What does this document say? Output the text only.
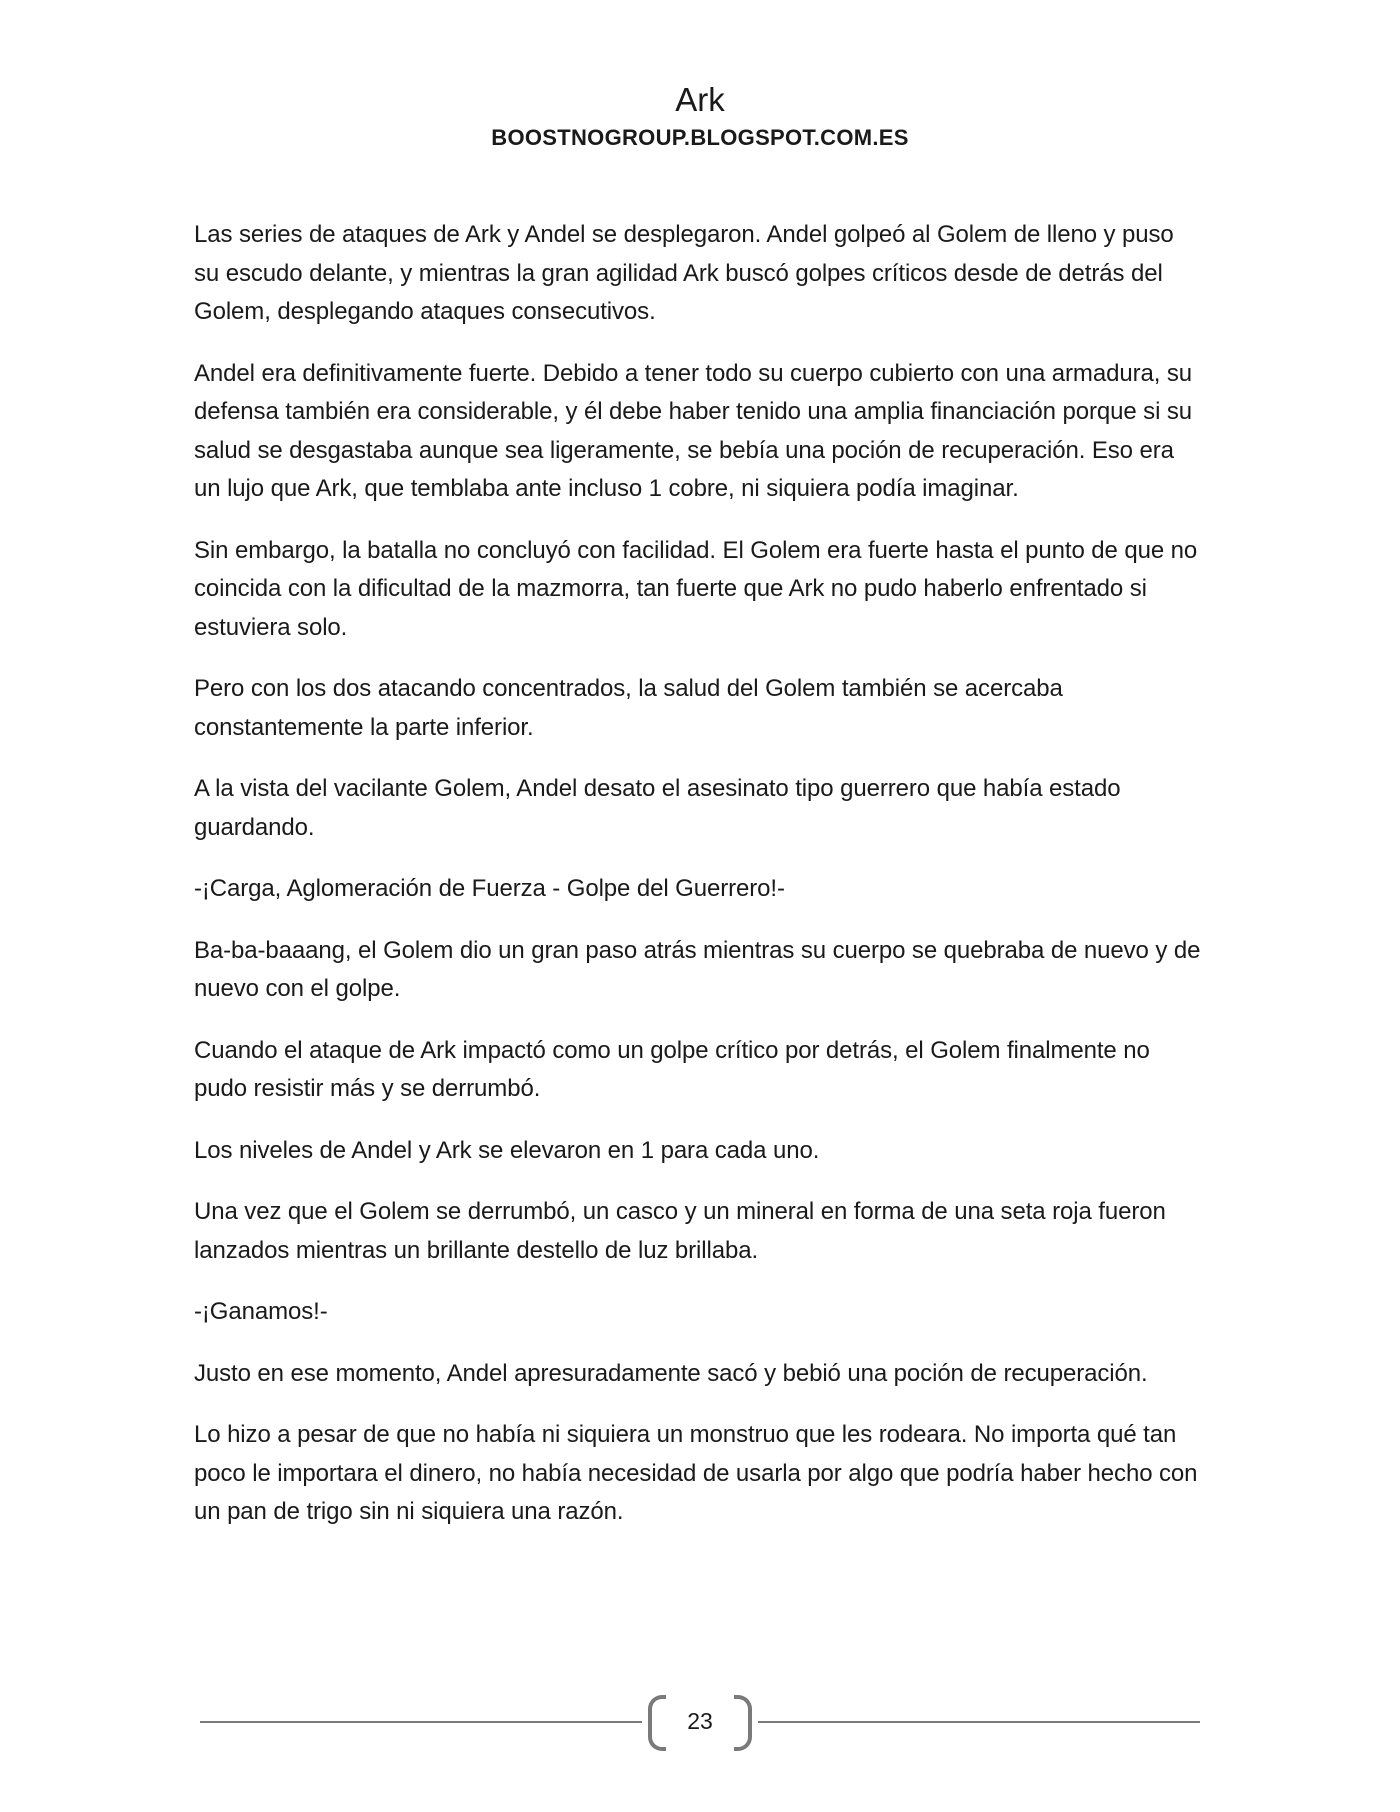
Ark
BOOSTNOGROUP.BLOGSPOT.COM.ES

Las series de ataques de Ark y Andel se desplegaron. Andel golpeó al Golem de lleno y puso su escudo delante, y mientras la gran agilidad Ark buscó golpes críticos desde de detrás del Golem, desplegando ataques consecutivos.

Andel era definitivamente fuerte. Debido a tener todo su cuerpo cubierto con una armadura, su defensa también era considerable, y él debe haber tenido una amplia financiación porque si su salud se desgastaba aunque sea ligeramente, se bebía una poción de recuperación. Eso era un lujo que Ark, que temblaba ante incluso 1 cobre, ni siquiera podía imaginar.

Sin embargo, la batalla no concluyó con facilidad. El Golem era fuerte hasta el punto de que no coincida con la dificultad de la mazmorra, tan fuerte que Ark no pudo haberlo enfrentado si estuviera solo.

Pero con los dos atacando concentrados, la salud del Golem también se acercaba constantemente la parte inferior.

A la vista del vacilante Golem, Andel desato el asesinato tipo guerrero que había estado guardando.

-¡Carga, Aglomeración de Fuerza - Golpe del Guerrero!-

Ba-ba-baaang, el Golem dio un gran paso atrás mientras su cuerpo se quebraba de nuevo y de nuevo con el golpe.

Cuando el ataque de Ark impactó como un golpe crítico por detrás, el Golem finalmente no pudo resistir más y se derrumbó.

Los niveles de Andel y Ark se elevaron en 1 para cada uno.

Una vez que el Golem se derrumbó, un casco y un mineral en forma de una seta roja fueron lanzados mientras un brillante destello de luz brillaba.

-¡Ganamos!-

Justo en ese momento, Andel apresuradamente sacó y bebió una poción de recuperación.

Lo hizo a pesar de que no había ni siquiera un monstruo que les rodeara. No importa qué tan poco le importara el dinero, no había necesidad de usarla por algo que podría haber hecho con un pan de trigo sin ni siquiera una razón.

23
